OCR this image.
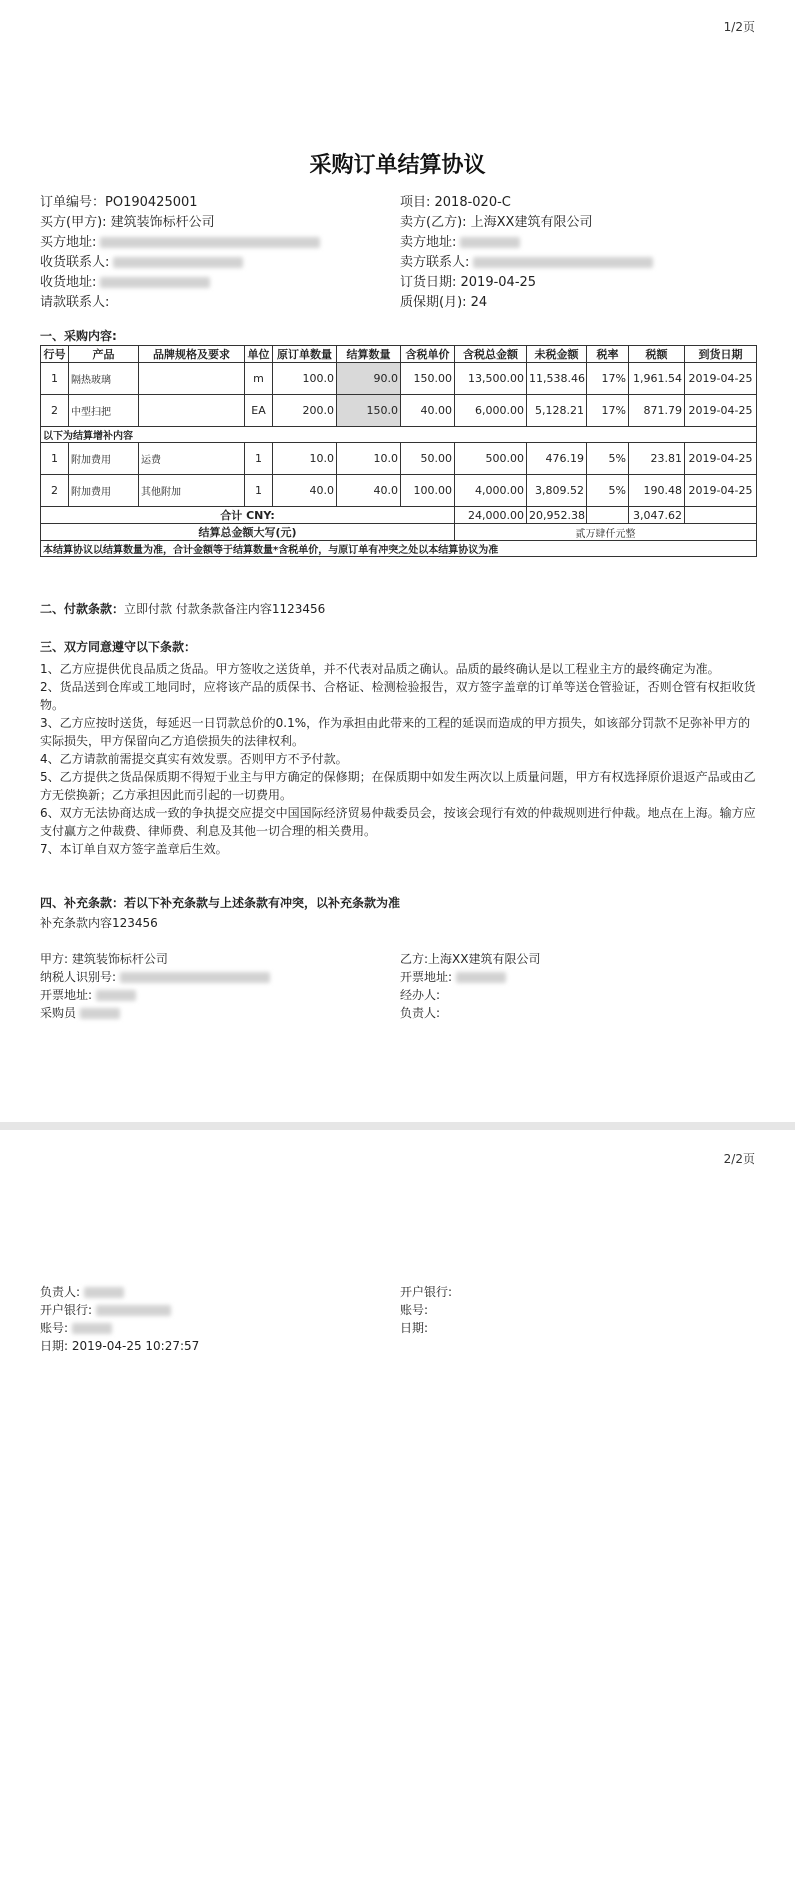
1/2页
采购订单结算协议
订单编号：PO190425001
买方(甲方): 建筑装饰标杆公司
买方地址:
收货联系人:
收货地址:
请款联系人:
项目: 2018-020-C
卖方(乙方): 上海XX建筑有限公司
卖方地址:
卖方联系人:
订货日期: 2019-04-25
质保期(月): 24
一、采购内容:
行号	产品	品牌规格及要求	单位	原订单数量	结算数量	含税单价	含税总金额	未税金额	税率	税额	到货日期
1	隔热玻璃		m	100.0	90.0	150.00	13,500.00	11,538.46	17%	1,961.54	2019-04-25
2	中型扫把		EA	200.0	150.0	40.00	6,000.00	5,128.21	17%	871.79	2019-04-25
以下为结算增补内容											
1	附加费用	运费	1	10.0	10.0	50.00	500.00	476.19	5%	23.81	2019-04-25
2	附加费用	其他附加	1	40.0	40.0	100.00	4,000.00	3,809.52	5%	190.48	2019-04-25
合计 CNY:							24,000.00	20,952.38		3,047.62	
结算总金额大写(元)							贰万肆仟元整				
本结算协议以结算数量为准，合计金额等于结算数量*含税单价，与原订单有冲突之处以本结算协议为准											
二、付款条款：立即付款 付款条款备注内容1123456
三、双方同意遵守以下条款：

1、乙方应提供优良品质之货品。甲方签收之送货单，并不代表对品质之确认。品质的最终确认是以工程业主方的最终确定为准。

2、货品送到仓库或工地同时，应将该产品的质保书、合格证、检测检验报告，双方签字盖章的订单等送仓管验证，否则仓管有权拒收货物。

3、乙方应按时送货，每延迟一日罚款总价的0.1%，作为承担由此带来的工程的延误而造成的甲方损失，如该部分罚款不足弥补甲方的实际损失，甲方保留向乙方追偿损失的法律权利。

4、乙方请款前需提交真实有效发票。否则甲方不予付款。

5、乙方提供之货品保质期不得短于业主与甲方确定的保修期；在保质期中如发生两次以上质量问题，甲方有权选择原价退返产品或由乙方无偿换新；乙方承担因此而引起的一切费用。

6、双方无法协商达成一致的争执提交应提交中国国际经济贸易仲裁委员会，按该会现行有效的仲裁规则进行仲裁。地点在上海。输方应支付赢方之仲裁费、律师费、利息及其他一切合理的相关费用。

7、本订单自双方签字盖章后生效。

四、补充条款：若以下补充条款与上述条款有冲突，以补充条款为准
补充条款内容123456
甲方: 建筑装饰标杆公司
纳税人识别号:
开票地址:
采购员
乙方:上海XX建筑有限公司
开票地址:
经办人:
负责人:
2/2页
负责人:
开户银行:
账号:
日期: 2019-04-25 10:27:57
开户银行:
账号:
日期:
